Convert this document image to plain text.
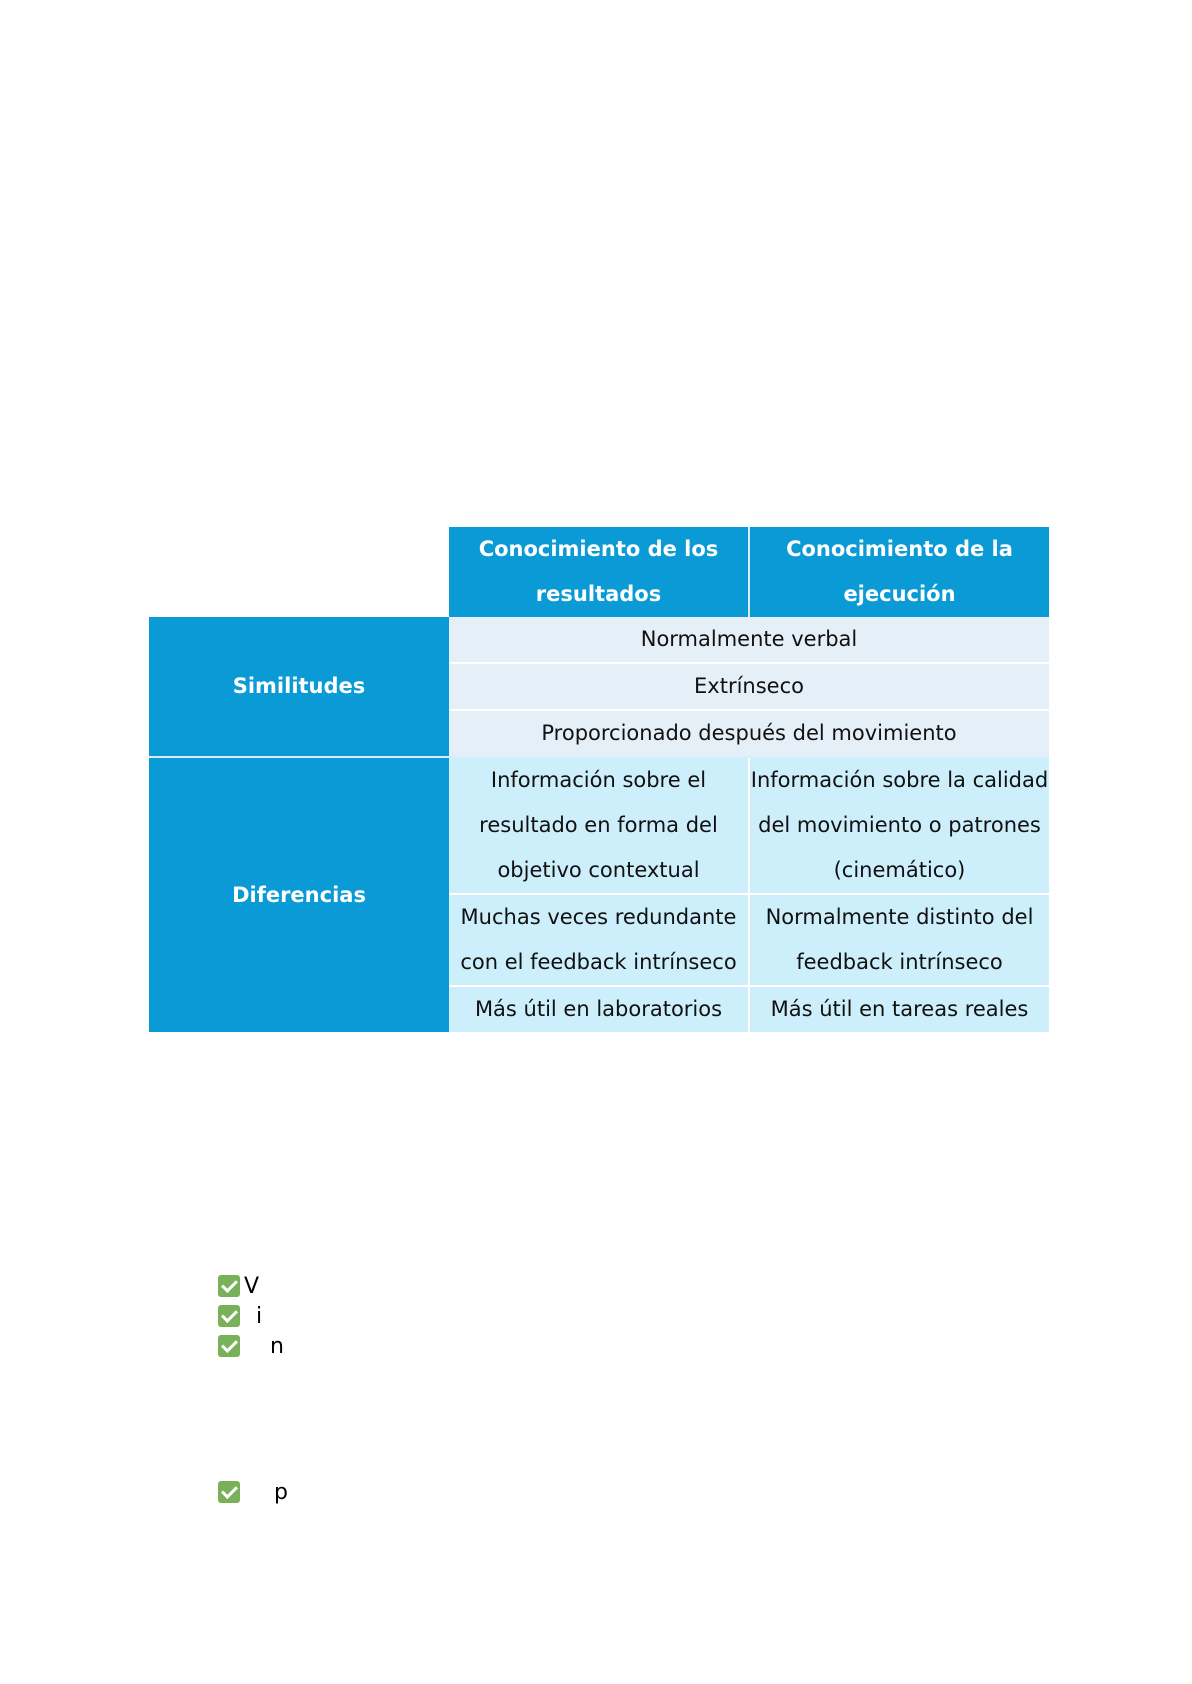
	Conocimiento de los resultados	Conocimiento de la ejecución
Similitudes	Normalmente verbal	
	Extrínseco	
	Proporcionado después del movimiento	
Diferencias	Información sobre el resultado en forma del objetivo contextual	Información sobre la calidad del movimiento o patrones (cinemático)
	Muchas veces redundante con el feedback intrínseco	Normalmente distinto del feedback intrínseco
	Más útil en laboratorios	Más útil en tareas reales
V
i
n
p
